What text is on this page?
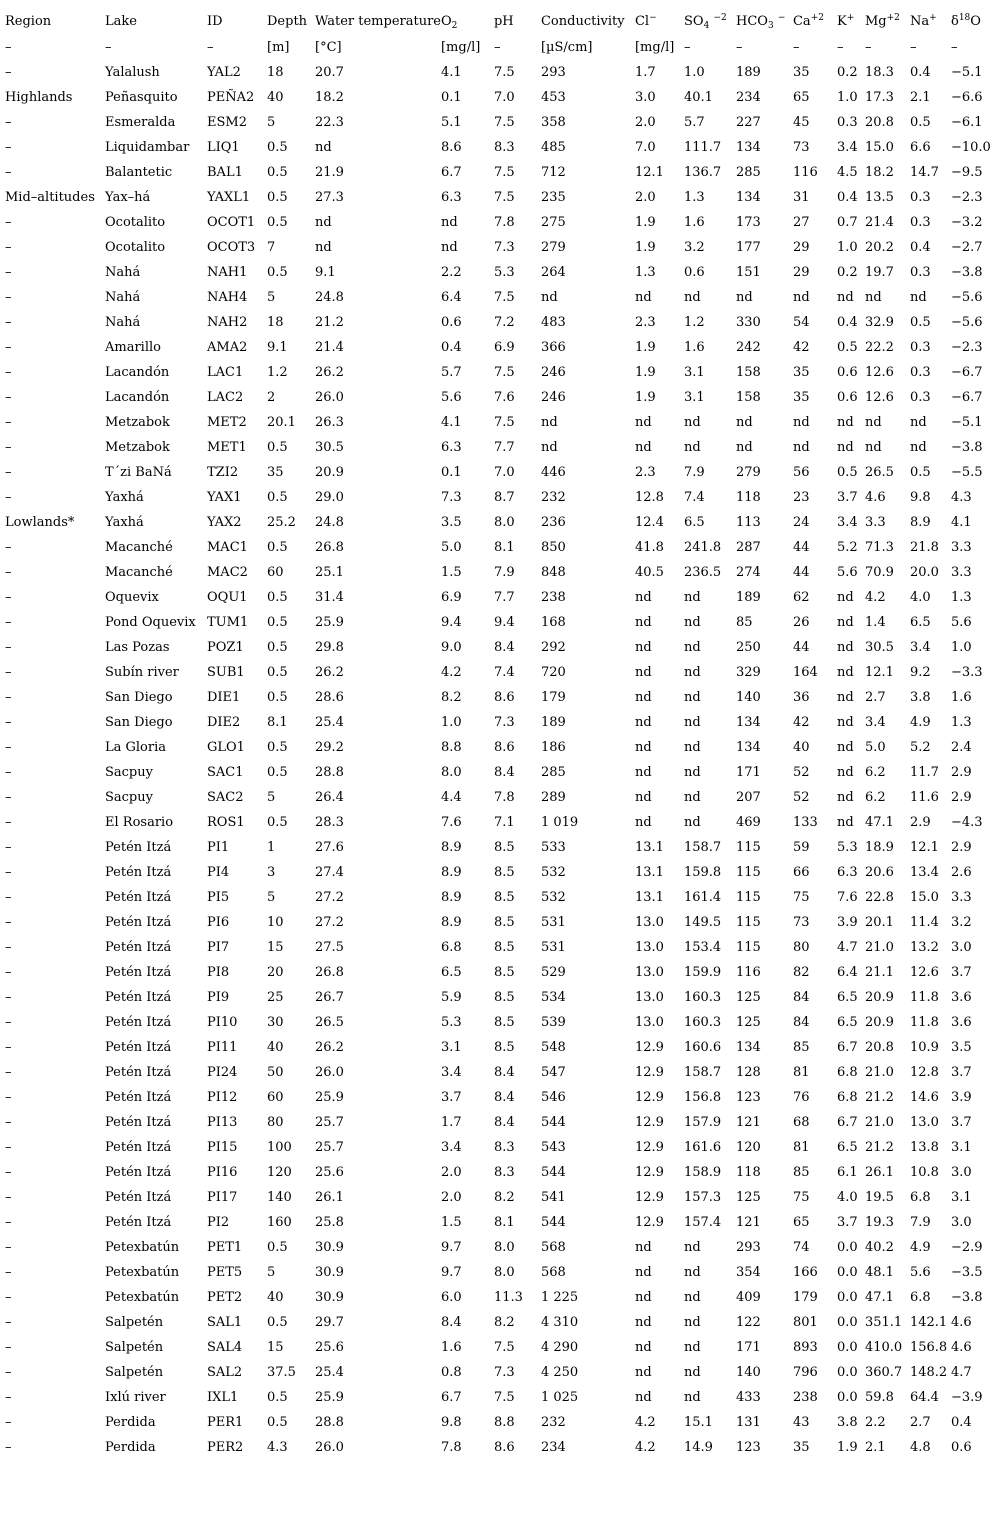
Region	Lake	ID	Depth	Water temperature	$O_2$	pH	Conductivity	Cl−	$SO_4$ $^{-2}$	$HCO_3$ −	$Ca^{+2}$	K+	$Mg^{+2}$	Na+	$\delta^{18}O$
–	–	–	[m]	[°C]	[mg/l]	–	[µS/cm]	[mg/l]	–	–	–	–	–	–	–
–	Yalalush	YAL2	18	20.7	4.1	7.5	293	1.7	1.0	189	35	0.2	18.3	0.4	−5.1
Highlands	Peñasquito	PEÑA2	40	18.2	0.1	7.0	453	3.0	40.1	234	65	1.0	17.3	2.1	−6.6
–	Esmeralda	ESM2	5	22.3	5.1	7.5	358	2.0	5.7	227	45	0.3	20.8	0.5	−6.1
–	Liquidambar	LIQ1	0.5	nd	8.6	8.3	485	7.0	111.7	134	73	3.4	15.0	6.6	−10.0
–	Balantetic	BAL1	0.5	21.9	6.7	7.5	712	12.1	136.7	285	116	4.5	18.2	14.7	−9.5
Mid–altitudes	Yax–há	YAXL1	0.5	27.3	6.3	7.5	235	2.0	1.3	134	31	0.4	13.5	0.3	−2.3
–	Ocotalito	OCOT1	0.5	nd	nd	7.8	275	1.9	1.6	173	27	0.7	21.4	0.3	−3.2
–	Ocotalito	OCOT3	7	nd	nd	7.3	279	1.9	3.2	177	29	1.0	20.2	0.4	−2.7
–	Nahá	NAH1	0.5	9.1	2.2	5.3	264	1.3	0.6	151	29	0.2	19.7	0.3	−3.8
–	Nahá	NAH4	5	24.8	6.4	7.5	nd	nd	nd	nd	nd	nd	nd	nd	−5.6
–	Nahá	NAH2	18	21.2	0.6	7.2	483	2.3	1.2	330	54	0.4	32.9	0.5	−5.6
–	Amarillo	AMA2	9.1	21.4	0.4	6.9	366	1.9	1.6	242	42	0.5	22.2	0.3	−2.3
–	Lacandón	LAC1	1.2	26.2	5.7	7.5	246	1.9	3.1	158	35	0.6	12.6	0.3	−6.7
–	Lacandón	LAC2	2	26.0	5.6	7.6	246	1.9	3.1	158	35	0.6	12.6	0.3	−6.7
–	Metzabok	MET2	20.1	26.3	4.1	7.5	nd	nd	nd	nd	nd	nd	nd	nd	−5.1
–	Metzabok	MET1	0.5	30.5	6.3	7.7	nd	nd	nd	nd	nd	nd	nd	nd	−3.8
–	T´zi BaNá	TZI2	35	20.9	0.1	7.0	446	2.3	7.9	279	56	0.5	26.5	0.5	−5.5
–	Yaxhá	YAX1	0.5	29.0	7.3	8.7	232	12.8	7.4	118	23	3.7	4.6	9.8	4.3
Lowlands*	Yaxhá	YAX2	25.2	24.8	3.5	8.0	236	12.4	6.5	113	24	3.4	3.3	8.9	4.1
–	Macanché	MAC1	0.5	26.8	5.0	8.1	850	41.8	241.8	287	44	5.2	71.3	21.8	3.3
–	Macanché	MAC2	60	25.1	1.5	7.9	848	40.5	236.5	274	44	5.6	70.9	20.0	3.3
–	Oquevix	OQU1	0.5	31.4	6.9	7.7	238	nd	nd	189	62	nd	4.2	4.0	1.3
–	Pond Oquevix	TUM1	0.5	25.9	9.4	9.4	168	nd	nd	85	26	nd	1.4	6.5	5.6
–	Las Pozas	POZ1	0.5	29.8	9.0	8.4	292	nd	nd	250	44	nd	30.5	3.4	1.0
–	Subín river	SUB1	0.5	26.2	4.2	7.4	720	nd	nd	329	164	nd	12.1	9.2	−3.3
–	San Diego	DIE1	0.5	28.6	8.2	8.6	179	nd	nd	140	36	nd	2.7	3.8	1.6
–	San Diego	DIE2	8.1	25.4	1.0	7.3	189	nd	nd	134	42	nd	3.4	4.9	1.3
–	La Gloria	GLO1	0.5	29.2	8.8	8.6	186	nd	nd	134	40	nd	5.0	5.2	2.4
–	Sacpuy	SAC1	0.5	28.8	8.0	8.4	285	nd	nd	171	52	nd	6.2	11.7	2.9
–	Sacpuy	SAC2	5	26.4	4.4	7.8	289	nd	nd	207	52	nd	6.2	11.6	2.9
–	El Rosario	ROS1	0.5	28.3	7.6	7.1	1 019	nd	nd	469	133	nd	47.1	2.9	−4.3
–	Petén Itzá	PI1	1	27.6	8.9	8.5	533	13.1	158.7	115	59	5.3	18.9	12.1	2.9
–	Petén Itzá	PI4	3	27.4	8.9	8.5	532	13.1	159.8	115	66	6.3	20.6	13.4	2.6
–	Petén Itzá	PI5	5	27.2	8.9	8.5	532	13.1	161.4	115	75	7.6	22.8	15.0	3.3
–	Petén Itzá	PI6	10	27.2	8.9	8.5	531	13.0	149.5	115	73	3.9	20.1	11.4	3.2
–	Petén Itzá	PI7	15	27.5	6.8	8.5	531	13.0	153.4	115	80	4.7	21.0	13.2	3.0
–	Petén Itzá	PI8	20	26.8	6.5	8.5	529	13.0	159.9	116	82	6.4	21.1	12.6	3.7
–	Petén Itzá	PI9	25	26.7	5.9	8.5	534	13.0	160.3	125	84	6.5	20.9	11.8	3.6
–	Petén Itzá	PI10	30	26.5	5.3	8.5	539	13.0	160.3	125	84	6.5	20.9	11.8	3.6
–	Petén Itzá	PI11	40	26.2	3.1	8.5	548	12.9	160.6	134	85	6.7	20.8	10.9	3.5
–	Petén Itzá	PI24	50	26.0	3.4	8.4	547	12.9	158.7	128	81	6.8	21.0	12.8	3.7
–	Petén Itzá	PI12	60	25.9	3.7	8.4	546	12.9	156.8	123	76	6.8	21.2	14.6	3.9
–	Petén Itzá	PI13	80	25.7	1.7	8.4	544	12.9	157.9	121	68	6.7	21.0	13.0	3.7
–	Petén Itzá	PI15	100	25.7	3.4	8.3	543	12.9	161.6	120	81	6.5	21.2	13.8	3.1
–	Petén Itzá	PI16	120	25.6	2.0	8.3	544	12.9	158.9	118	85	6.1	26.1	10.8	3.0
–	Petén Itzá	PI17	140	26.1	2.0	8.2	541	12.9	157.3	125	75	4.0	19.5	6.8	3.1
–	Petén Itzá	PI2	160	25.8	1.5	8.1	544	12.9	157.4	121	65	3.7	19.3	7.9	3.0
–	Petexbatún	PET1	0.5	30.9	9.7	8.0	568	nd	nd	293	74	0.0	40.2	4.9	−2.9
–	Petexbatún	PET5	5	30.9	9.7	8.0	568	nd	nd	354	166	0.0	48.1	5.6	−3.5
–	Petexbatún	PET2	40	30.9	6.0	11.3	1 225	nd	nd	409	179	0.0	47.1	6.8	−3.8
–	Salpetén	SAL1	0.5	29.7	8.4	8.2	4 310	nd	nd	122	801	0.0	351.1	142.1	4.6
–	Salpetén	SAL4	15	25.6	1.6	7.5	4 290	nd	nd	171	893	0.0	410.0	156.8	4.6
–	Salpetén	SAL2	37.5	25.4	0.8	7.3	4 250	nd	nd	140	796	0.0	360.7	148.2	4.7
–	Ixlú river	IXL1	0.5	25.9	6.7	7.5	1 025	nd	nd	433	238	0.0	59.8	64.4	−3.9
–	Perdida	PER1	0.5	28.8	9.8	8.8	232	4.2	15.1	131	43	3.8	2.2	2.7	0.4
–	Perdida	PER2	4.3	26.0	7.8	8.6	234	4.2	14.9	123	35	1.9	2.1	4.8	0.6
